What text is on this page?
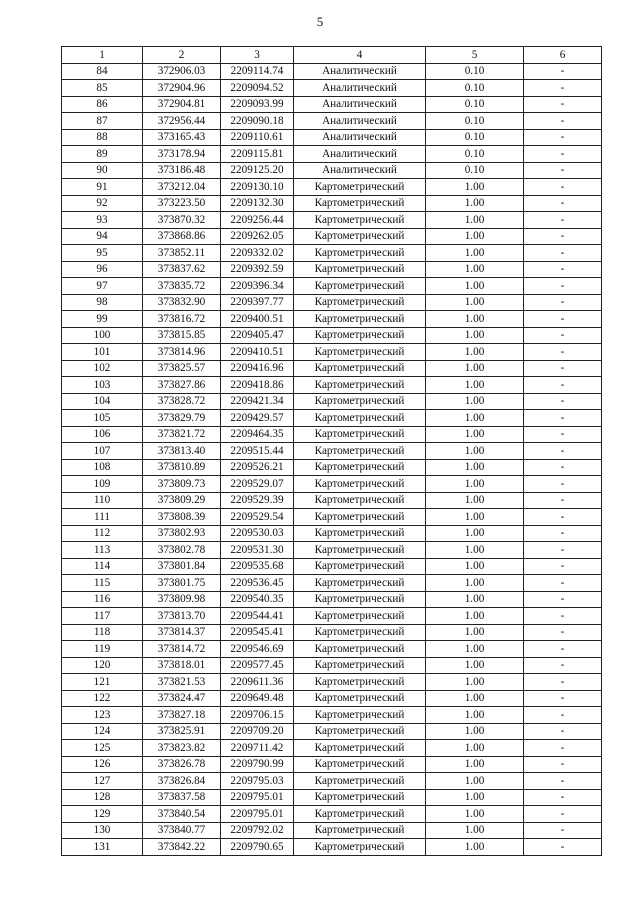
5
1	2	3	4	5	6
84	372906.03	2209114.74	Аналитический	0.10	-
85	372904.96	2209094.52	Аналитический	0.10	-
86	372904.81	2209093.99	Аналитический	0.10	-
87	372956.44	2209090.18	Аналитический	0.10	-
88	373165.43	2209110.61	Аналитический	0.10	-
89	373178.94	2209115.81	Аналитический	0.10	-
90	373186.48	2209125.20	Аналитический	0.10	-
91	373212.04	2209130.10	Картометрический	1.00	-
92	373223.50	2209132.30	Картометрический	1.00	-
93	373870.32	2209256.44	Картометрический	1.00	-
94	373868.86	2209262.05	Картометрический	1.00	-
95	373852.11	2209332.02	Картометрический	1.00	-
96	373837.62	2209392.59	Картометрический	1.00	-
97	373835.72	2209396.34	Картометрический	1.00	-
98	373832.90	2209397.77	Картометрический	1.00	-
99	373816.72	2209400.51	Картометрический	1.00	-
100	373815.85	2209405.47	Картометрический	1.00	-
101	373814.96	2209410.51	Картометрический	1.00	-
102	373825.57	2209416.96	Картометрический	1.00	-
103	373827.86	2209418.86	Картометрический	1.00	-
104	373828.72	2209421.34	Картометрический	1.00	-
105	373829.79	2209429.57	Картометрический	1.00	-
106	373821.72	2209464.35	Картометрический	1.00	-
107	373813.40	2209515.44	Картометрический	1.00	-
108	373810.89	2209526.21	Картометрический	1.00	-
109	373809.73	2209529.07	Картометрический	1.00	-
110	373809.29	2209529.39	Картометрический	1.00	-
111	373808.39	2209529.54	Картометрический	1.00	-
112	373802.93	2209530.03	Картометрический	1.00	-
113	373802.78	2209531.30	Картометрический	1.00	-
114	373801.84	2209535.68	Картометрический	1.00	-
115	373801.75	2209536.45	Картометрический	1.00	-
116	373809.98	2209540.35	Картометрический	1.00	-
117	373813.70	2209544.41	Картометрический	1.00	-
118	373814.37	2209545.41	Картометрический	1.00	-
119	373814.72	2209546.69	Картометрический	1.00	-
120	373818.01	2209577.45	Картометрический	1.00	-
121	373821.53	2209611.36	Картометрический	1.00	-
122	373824.47	2209649.48	Картометрический	1.00	-
123	373827.18	2209706.15	Картометрический	1.00	-
124	373825.91	2209709.20	Картометрический	1.00	-
125	373823.82	2209711.42	Картометрический	1.00	-
126	373826.78	2209790.99	Картометрический	1.00	-
127	373826.84	2209795.03	Картометрический	1.00	-
128	373837.58	2209795.01	Картометрический	1.00	-
129	373840.54	2209795.01	Картометрический	1.00	-
130	373840.77	2209792.02	Картометрический	1.00	-
131	373842.22	2209790.65	Картометрический	1.00	-
